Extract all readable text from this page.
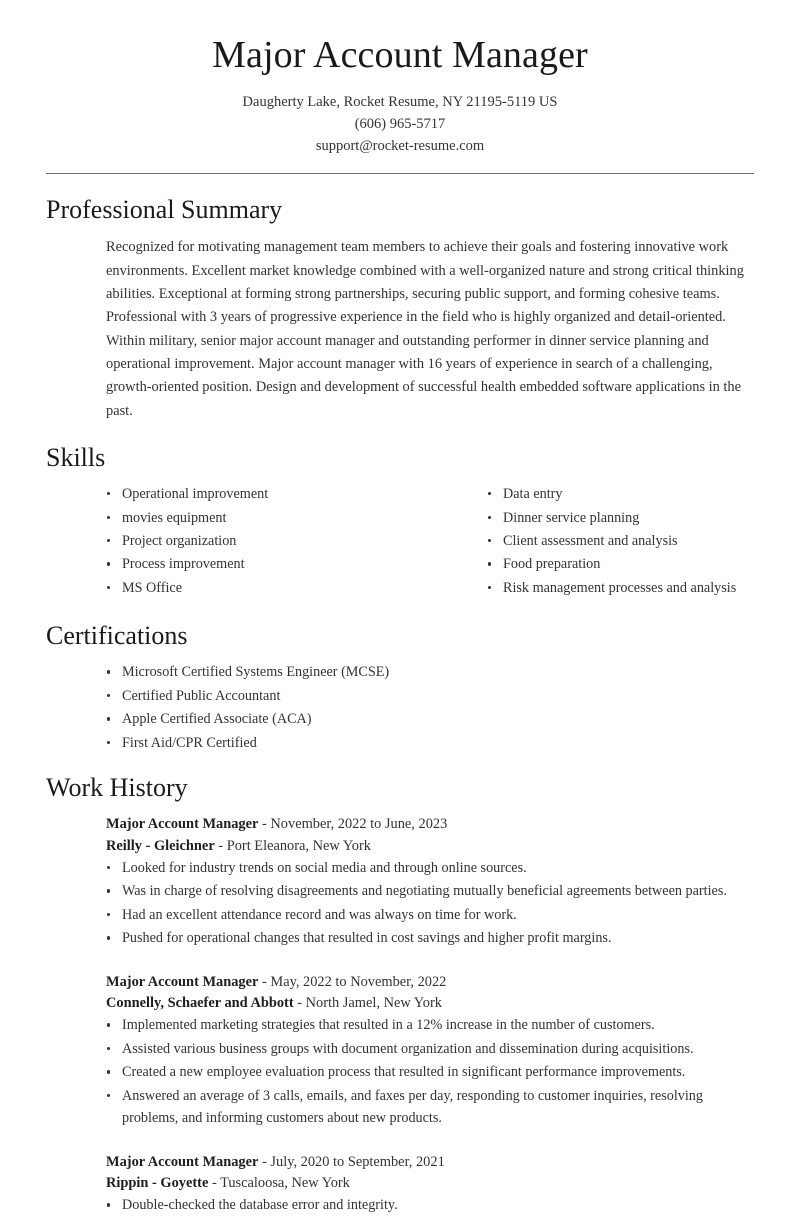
Major Account Manager
Daugherty Lake, Rocket Resume, NY 21195-5119 US
(606) 965-5717
support@rocket-resume.com
Professional Summary

Recognized for motivating management team members to achieve their goals and fostering innovative work environments. Excellent market knowledge combined with a well-organized nature and strong critical thinking abilities. Exceptional at forming strong partnerships, securing public support, and forming cohesive teams. Professional with 3 years of progressive experience in the field who is highly organized and detail-oriented. Within military, senior major account manager and outstanding performer in dinner service planning and operational improvement. Major account manager with 16 years of experience in search of a challenging, growth-oriented position. Design and development of successful health embedded software applications in the past.

Skills
Operational improvement
movies equipment
Project organization
Process improvement
MS Office
Data entry
Dinner service planning
Client assessment and analysis
Food preparation
Risk management processes and analysis
Certifications
Microsoft Certified Systems Engineer (MCSE)
Certified Public Accountant
Apple Certified Associate (ACA)
First Aid/CPR Certified
Work History
Major Account Manager - November, 2022 to June, 2023
Reilly - Gleichner - Port Eleanora, New York
Looked for industry trends on social media and through online sources.
Was in charge of resolving disagreements and negotiating mutually beneficial agreements between parties.
Had an excellent attendance record and was always on time for work.
Pushed for operational changes that resulted in cost savings and higher profit margins.
Major Account Manager - May, 2022 to November, 2022
Connelly, Schaefer and Abbott - North Jamel, New York
Implemented marketing strategies that resulted in a 12% increase in the number of customers.
Assisted various business groups with document organization and dissemination during acquisitions.
Created a new employee evaluation process that resulted in significant performance improvements.
Answered an average of 3 calls, emails, and faxes per day, responding to customer inquiries, resolving problems, and informing customers about new products.
Major Account Manager - July, 2020 to September, 2021
Rippin - Goyette - Tuscaloosa, New York
Double-checked the database error and integrity.
